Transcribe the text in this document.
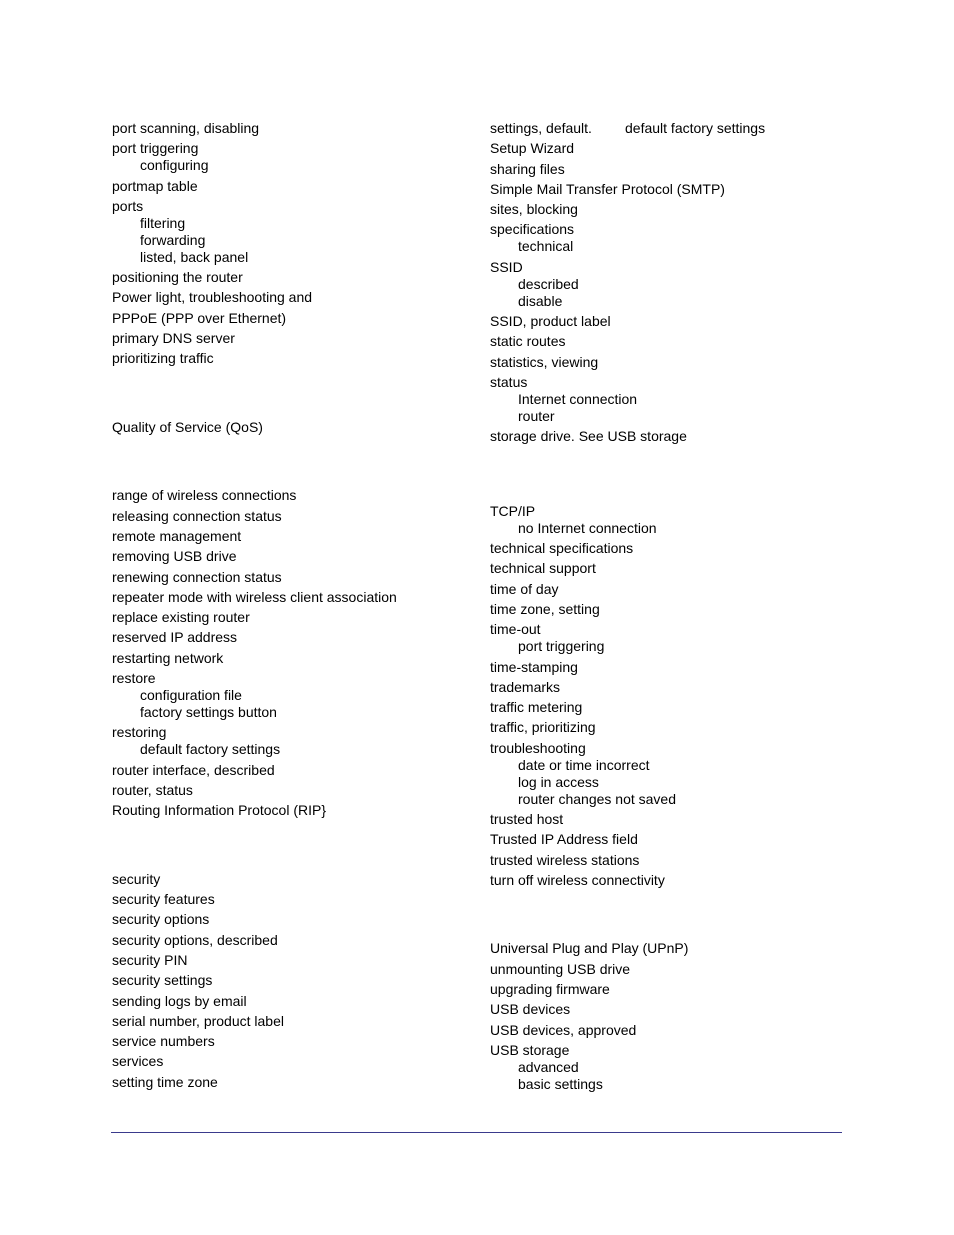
port scanning, disabling
port triggering
configuring
portmap table
ports
filtering
forwarding
listed, back panel
positioning the router
Power light, troubleshooting and
PPPoE (PPP over Ethernet)
primary DNS server
prioritizing traffic
Quality of Service (QoS)
range of wireless connections
releasing connection status
remote management
removing USB drive
renewing connection status
repeater mode with wireless client association
replace existing router
reserved IP address
restarting network
restore
configuration file
factory settings button
restoring
default factory settings
router interface, described
router, status
Routing Information Protocol (RIP}
security
security features
security options
security options, described
security PIN
security settings
sending logs by email
serial number, product label
service numbers
services
setting time zone
settings, default. default factory settings
Setup Wizard
sharing files
Simple Mail Transfer Protocol (SMTP)
sites, blocking
specifications
technical
SSID
described
disable
SSID, product label
static routes
statistics, viewing
status
Internet connection
router
storage drive. See USB storage
TCP/IP
no Internet connection
technical specifications
technical support
time of day
time zone, setting
time-out
port triggering
time-stamping
trademarks
traffic metering
traffic, prioritizing
troubleshooting
date or time incorrect
log in access
router changes not saved
trusted host
Trusted IP Address field
trusted wireless stations
turn off wireless connectivity
Universal Plug and Play (UPnP)
unmounting USB drive
upgrading firmware
USB devices
USB devices, approved
USB storage
advanced
basic settings
